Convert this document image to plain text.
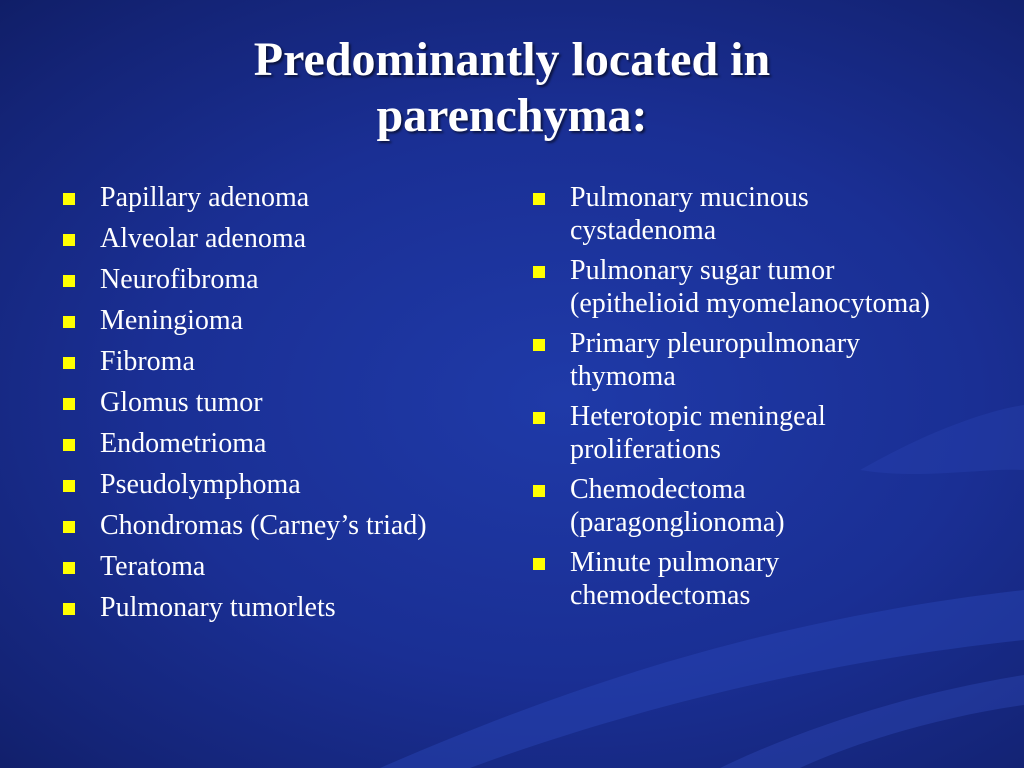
Predominantly located in
parenchyma:
Papillary adenoma
Alveolar adenoma
Neurofibroma
Meningioma
Fibroma
Glomus tumor
Endometrioma
Pseudolymphoma
Chondromas (Carney’s triad)
Teratoma
Pulmonary tumorlets
Pulmonary mucinous cystadenoma
Pulmonary sugar tumor (epithelioid myomelanocytoma)
Primary pleuropulmonary thymoma
Heterotopic meningeal proliferations
Chemodectoma (paragonglionoma)
Minute pulmonary chemodectomas
